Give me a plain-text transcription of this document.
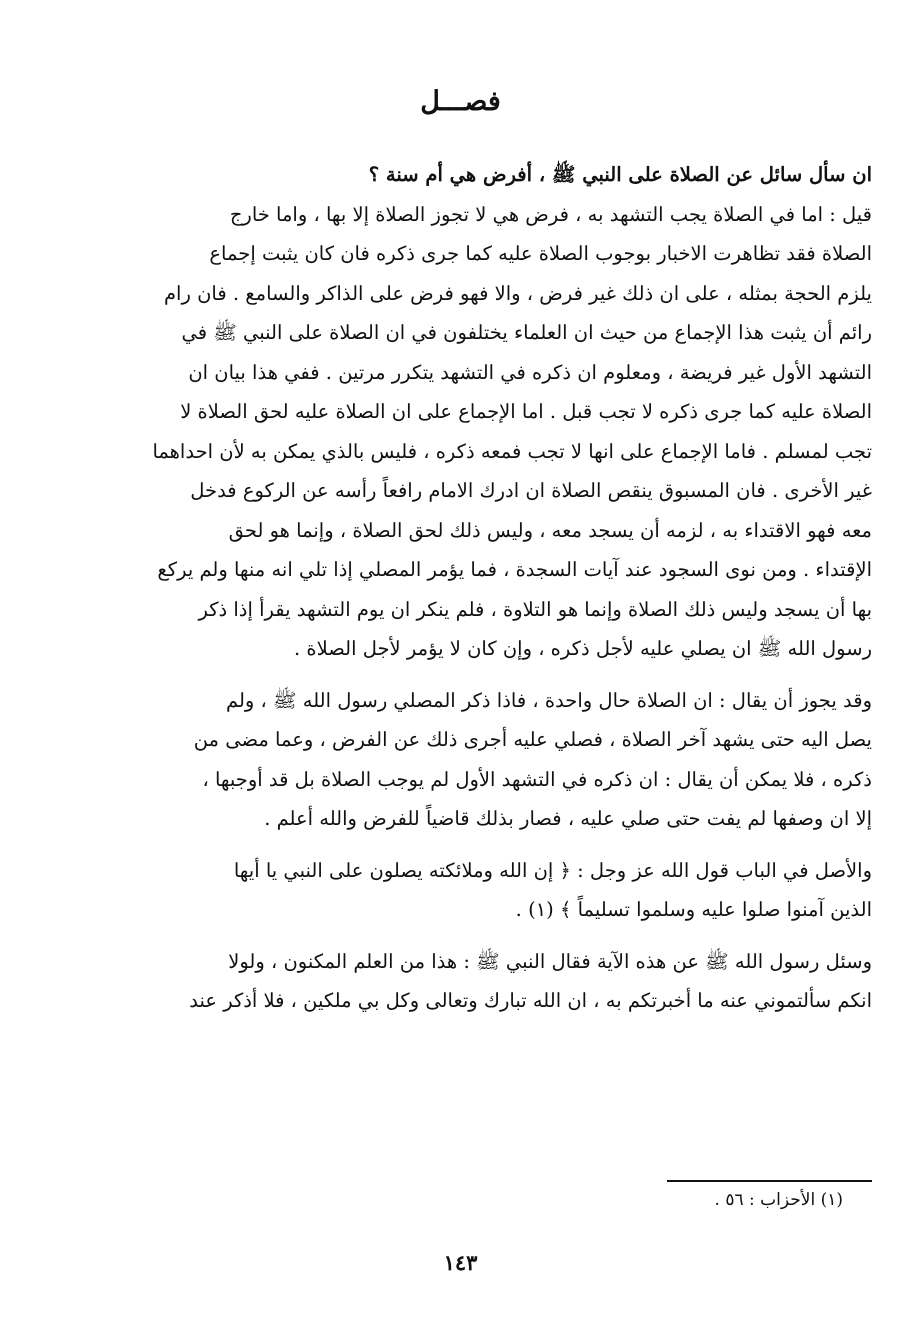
فصـــل

ان سأل سائل عن الصلاة على النبي ﷺ ، أفرض هي أم سنة ؟
قيل : اما في الصلاة يجب التشهد به ، فرض هي لا تجوز الصلاة إلا بها ، واما خارج
الصلاة فقد تظاهرت الاخبار بوجوب الصلاة عليه كما جرى ذكره فان كان يثبت إجماع
يلزم الحجة بمثله ، على ان ذلك غير فرض ، والا فهو فرض على الذاكر والسامع . فان رام
رائم أن يثبت هذا الإجماع من حيث ان العلماء يختلفون في ان الصلاة على النبي ﷺ في
التشهد الأول غير فريضة ، ومعلوم ان ذكره في التشهد يتكرر مرتين . ففي هذا بيان ان
الصلاة عليه كما جرى ذكره لا تجب قبل . اما الإجماع على ان الصلاة عليه لحق الصلاة لا
تجب لمسلم . فاما الإجماع على انها لا تجب فمعه ذكره ، فليس بالذي يمكن به لأن احداهما
غير الأخرى . فان المسبوق ينقص الصلاة ان ادرك الامام رافعاً رأسه عن الركوع فدخل
معه فهو الاقتداء به ، لزمه أن يسجد معه ، وليس ذلك لحق الصلاة ، وإنما هو لحق
الإقتداء . ومن نوى السجود عند آيات السجدة ، فما يؤمر المصلي إذا تلي انه منها ولم يركع
بها أن يسجد وليس ذلك الصلاة وإنما هو التلاوة ، فلم ينكر ان يوم التشهد يقرأ إذا ذكر
رسول الله ﷺ ان يصلي عليه لأجل ذكره ، وإن كان لا يؤمر لأجل الصلاة .

وقد يجوز أن يقال : ان الصلاة حال واحدة ، فاذا ذكر المصلي رسول الله ﷺ ، ولم
يصل اليه حتى يشهد آخر الصلاة ، فصلي عليه أجرى ذلك عن الفرض ، وعما مضى من
ذكره ، فلا يمكن أن يقال : ان ذكره في التشهد الأول لم يوجب الصلاة بل قد أوجبها ،
إلا ان وصفها لم يفت حتى صلي عليه ، فصار بذلك قاضياً للفرض والله أعلم .

والأصل في الباب قول الله عز وجل : ﴿ إن الله وملائكته يصلون على النبي يا أيها
الذين آمنوا صلوا عليه وسلموا تسليماً ﴾ (١) .

وسئل رسول الله ﷺ عن هذه الآية فقال النبي ﷺ : هذا من العلم المكنون ، ولولا
انكم سألتموني عنه ما أخبرتكم به ، ان الله تبارك وتعالى وكل بي ملكين ، فلا أذكر عند

(١) الأحزاب : ٥٦ .
١٤٣
